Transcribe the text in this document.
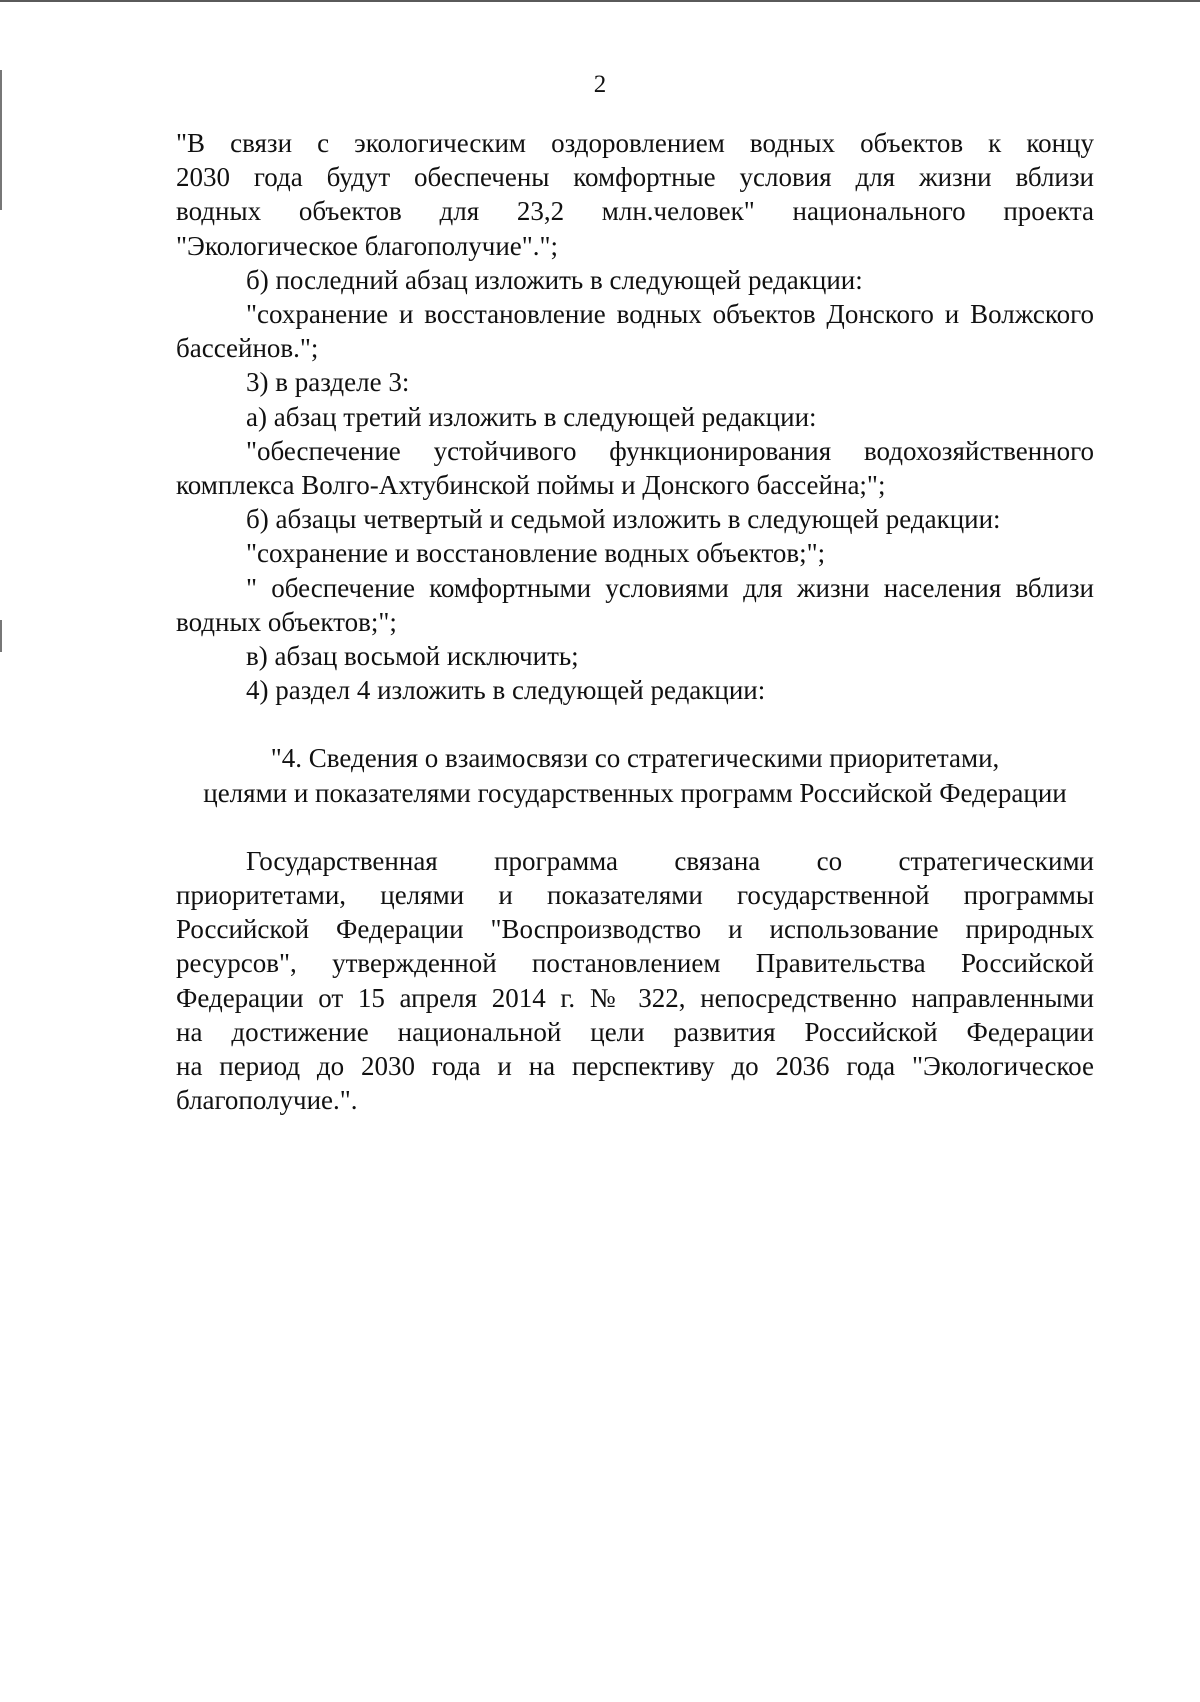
2

"В связи с экологическим оздоровлением водных объектов к концу

2030 года будут обеспечены комфортные условия для жизни вблизи

водных объектов для 23,2 млн.человек" национального проекта

"Экологическое благополучие".";

б) последний абзац изложить в следующей редакции:

"сохранение и восстановление водных объектов Донского и Волжского

бассейнов.";

3) в разделе 3:

а) абзац третий изложить в следующей редакции:

"обеспечение устойчивого функционирования водохозяйственного

комплекса Волго-Ахтубинской поймы и Донского бассейна;";

б) абзацы четвертый и седьмой изложить в следующей редакции:

"сохранение и восстановление водных объектов;";

" обеспечение комфортными условиями для жизни населения вблизи

водных объектов;";

в) абзац восьмой исключить;

4) раздел 4 изложить в следующей редакции:

"4. Сведения о взаимосвязи со стратегическими приоритетами,
целями и показателями государственных программ Российской Федерации

Государственная программа связана со стратегическими

приоритетами, целями и показателями государственной программы

Российской Федерации "Воспроизводство и использование природных

ресурсов", утвержденной постановлением Правительства Российской

Федерации от 15 апреля 2014 г. № 322, непосредственно направленными

на достижение национальной цели развития Российской Федерации

на период до 2030 года и на перспективу до 2036 года "Экологическое

благополучие.".
